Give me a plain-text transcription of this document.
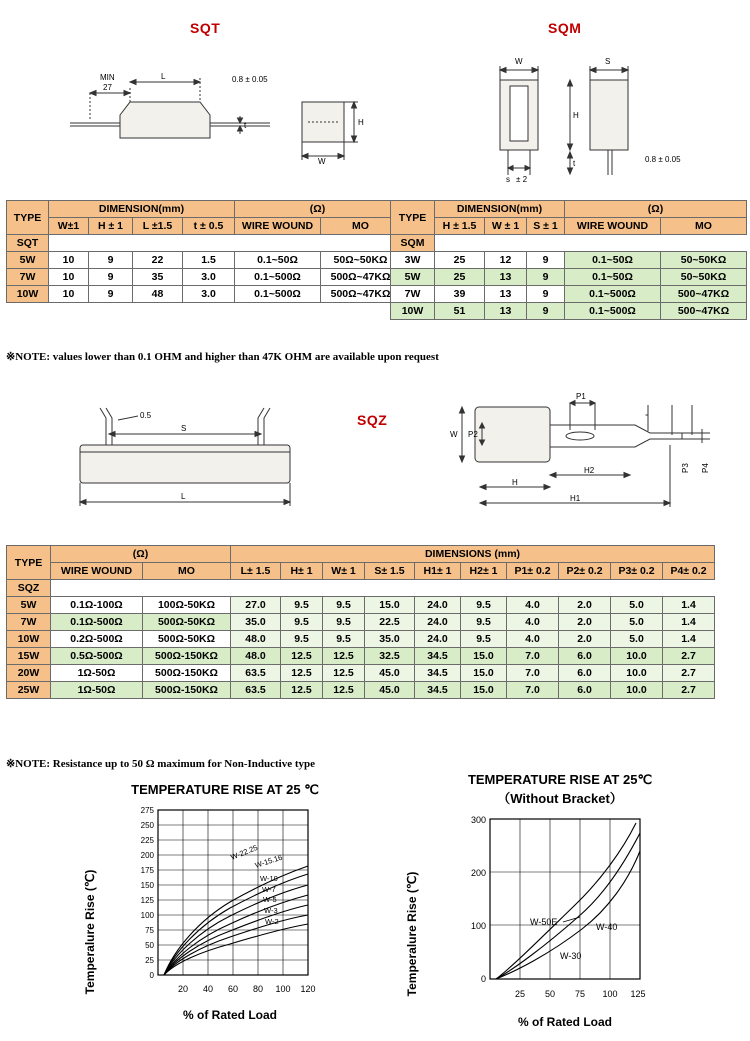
SQT
MIN
27
L
t
0.8 ± 0.05
H
W
SQM
W	S
H
t
s ± 2
0.8 ± 0.05
TYPE	DIMENSION(mm)				(Ω)	
	W±1	H ± 1	L ±1.5	t ± 0.5	WIRE WOUND	MO
SQT						
5W	10	9	22	1.5	0.1~50Ω	50Ω~50KΩ
7W	10	9	35	3.0	0.1~500Ω	500Ω~47KΩ
10W	10	9	48	3.0	0.1~500Ω	500Ω~47KΩ
TYPE	DIMENSION(mm)			(Ω)	
	H ± 1.5	W ± 1	S ± 1	WIRE WOUND	MO
SQM					
3W	25	12	9	0.1~50Ω	50~50KΩ
5W	25	13	9	0.1~50Ω	50~50KΩ
7W	39	13	9	0.1~500Ω	500~47KΩ
10W	51	13	9	0.1~500Ω	500~47KΩ
※NOTE: values lower than 0.1 OHM and higher than 47K OHM are available upon request
SQZ
0.5
S
L
W P2
P1
P3 P4
H2
H
H1
TYPE	(Ω)		DIMENSIONS (mm)									
	WIRE WOUND	MO	L± 1.5	H± 1	W± 1	S± 1.5	H1± 1	H2± 1	P1± 0.2	P2± 0.2	P3± 0.2	P4± 0.2
SQZ												
5W	0.1Ω-100Ω	100Ω-50KΩ	27.0	9.5	9.5	15.0	24.0	9.5	4.0	2.0	5.0	1.4
7W	0.1Ω-500Ω	500Ω-50KΩ	35.0	9.5	9.5	22.5	24.0	9.5	4.0	2.0	5.0	1.4
10W	0.2Ω-500Ω	500Ω-50KΩ	48.0	9.5	9.5	35.0	24.0	9.5	4.0	2.0	5.0	1.4
15W	0.5Ω-500Ω	500Ω-150KΩ	48.0	12.5	12.5	32.5	34.5	15.0	7.0	6.0	10.0	2.7
20W	1Ω-50Ω	500Ω-150KΩ	63.5	12.5	12.5	45.0	34.5	15.0	7.0	6.0	10.0	2.7
25W	1Ω-50Ω	500Ω-150KΩ	63.5	12.5	12.5	45.0	34.5	15.0	7.0	6.0	10.0	2.7
※NOTE: Resistance up to 50 Ω maximum for Non-Inductive type
TEMPERATURE RISE AT 25 ℃
Temperalure Rise (℃)
275
250
225
200
175
150
125
100
75
50
25
0
20 40 60 80 100 120
W-22.25
W-15.16
W-10
W-7
W-5
W-3
W-2
% of Rated Load
TEMPERATURE RISE AT 25℃
（Without Bracket）
Temperalure Rise (℃)
300
200
100
0
25 50 75 100 125
W-50E	W-40
W-30
% of Rated Load
